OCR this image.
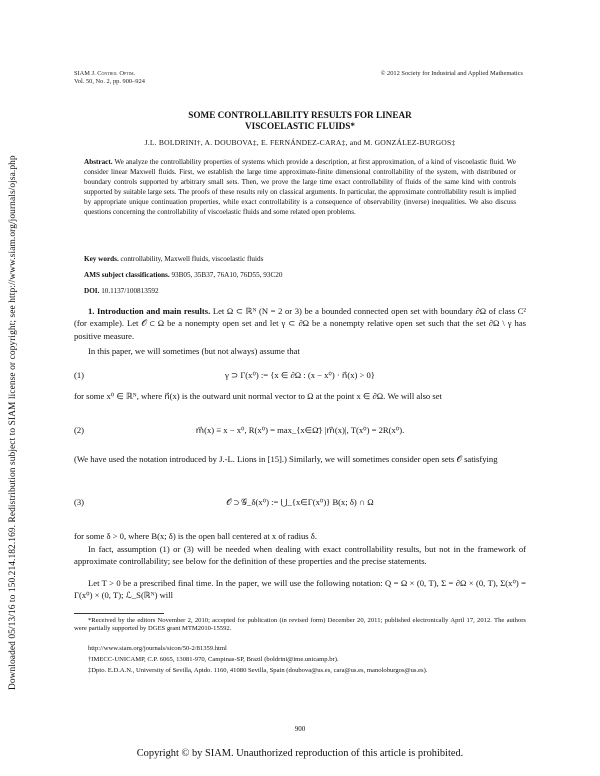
Downloaded 05/13/16 to 150.214.182.169. Redistribution subject to SIAM license or copyright; see http://www.siam.org/journals/ojsa.php
SIAM J. Control Optim.
Vol. 50, No. 2, pp. 900–924
© 2012 Society for Industrial and Applied Mathematics
SOME CONTROLLABILITY RESULTS FOR LINEAR
VISCOELASTIC FLUIDS*
J.L. BOLDRINI†, A. DOUBOVA‡, E. FERNÁNDEZ-CARA‡, and M. GONZÁLEZ-BURGOS‡
Abstract. We analyze the controllability properties of systems which provide a description, at first approximation, of a kind of viscoelastic fluid. We consider linear Maxwell fluids. First, we establish the large time approximate-finite dimensional controllability of the system, with distributed or boundary controls supported by arbitrary small sets. Then, we prove the large time exact controllability of fluids of the same kind with controls supported by suitable large sets. The proofs of these results rely on classical arguments. In particular, the approximate controllability result is implied by appropriate unique continuation properties, while exact controllability is a consequence of observability (inverse) inequalities. We also discuss questions concerning the controllability of viscoelastic fluids and some related open problems.
Key words. controllability, Maxwell fluids, viscoelastic fluids
AMS subject classifications. 93B05, 35B37, 76A10, 76D55, 93C20
DOI. 10.1137/100813592
1. Introduction and main results. Let Ω ⊂ ℝᴺ (N = 2 or 3) be a bounded connected open set with boundary ∂Ω of class C² (for example). Let 𝒪 ⊂ Ω be a nonempty open set and let γ ⊂ ∂Ω be a nonempty relative open set such that the set ∂Ω \ γ has positive measure.
In this paper, we will sometimes (but not always) assume that
(1)	γ ⊃ Γ(x⁰) := {x ∈ ∂Ω : (x − x⁰) · n⃗(x) > 0}
for some x⁰ ∈ ℝᴺ, where n⃗(x) is the outward unit normal vector to Ω at the point x ∈ ∂Ω. We will also set
(2)	m⃗(x) ≡ x − x⁰, R(x⁰) = max_{x∈Ω̄} |m⃗(x)|, T(x⁰) = 2R(x⁰).
(We have used the notation introduced by J.-L. Lions in [15].) Similarly, we will sometimes consider open sets 𝒪 satisfying
(3)	𝒪 ⊃ 𝒢_δ(x⁰) := ⋃_{x∈Γ(x⁰)} B(x; δ) ∩ Ω
for some δ > 0, where B(x; δ) is the open ball centered at x of radius δ.
In fact, assumption (1) or (3) will be needed when dealing with exact controllability results, but not in the framework of approximate controllability; see below for the definition of these properties and the precise statements.
Let T > 0 be a prescribed final time. In the paper, we will use the following notation: Q = Ω × (0, T), Σ = ∂Ω × (0, T), Σ(x⁰) = Γ(x⁰) × (0, T); ℒ_S(ℝᴺ) will
*Received by the editors November 2, 2010; accepted for publication (in revised form) December 20, 2011; published electronically April 17, 2012. The authors were partially supported by DGES grant MTM2010-15592.
http://www.siam.org/journals/sicon/50-2/81359.html
†IMECC-UNICAMP, C.P. 6065, 13081-970, Campinas-SP, Brazil (boldrini@ime.unicamp.br).
‡Dpto. E.D.A.N., University of Sevilla, Aptdo. 1160, 41080 Sevilla, Spain (doubova@us.es, cara@us.es, manoloburgos@us.es).
900
Copyright © by SIAM. Unauthorized reproduction of this article is prohibited.
